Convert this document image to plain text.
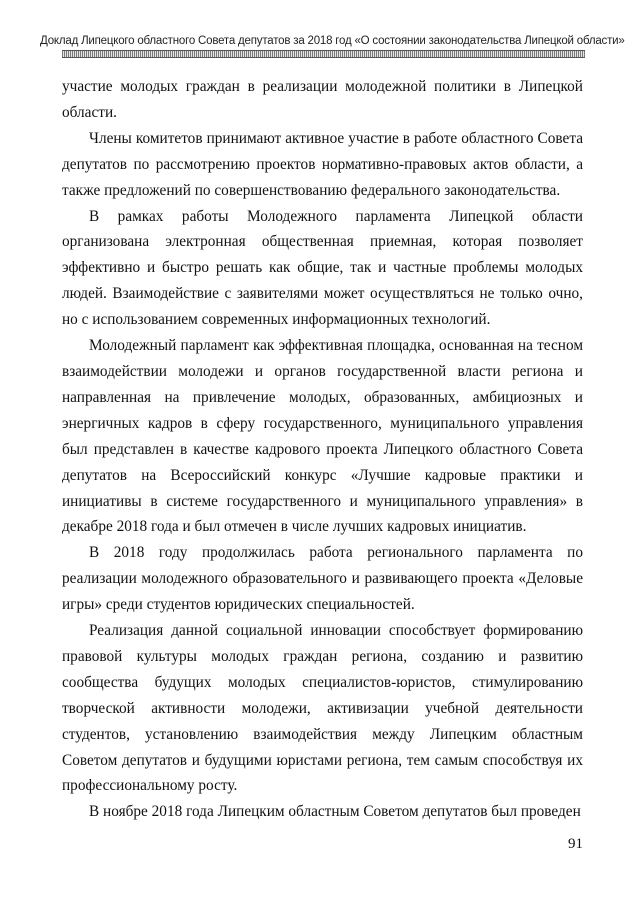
Доклад Липецкого областного Совета депутатов за 2018 год «О состоянии законодательства Липецкой области»

участие молодых граждан в реализации молодежной политики в Липецкой области.

Члены комитетов принимают активное участие в работе областного Совета депутатов по рассмотрению проектов нормативно-правовых актов области, а также предложений по совершенствованию федерального законодательства.

В рамках работы Молодежного парламента Липецкой области организована электронная общественная приемная, которая позволяет эффективно и быстро решать как общие, так и частные проблемы молодых людей. Взаимодействие с заявителями может осуществляться не только очно, но с использованием современных информационных технологий.

Молодежный парламент как эффективная площадка, основанная на тесном взаимодействии молодежи и органов государственной власти региона и направленная на привлечение молодых, образованных, амбициозных и энергичных кадров в сферу государственного, муниципального управления был представлен в качестве кадрового проекта Липецкого областного Совета депутатов на Всероссийский конкурс «Лучшие кадровые практики и инициативы в системе государственного и муниципального управления» в декабре 2018 года и был отмечен в числе лучших кадровых инициатив.

В 2018 году продолжилась работа регионального парламента по реализации молодежного образовательного и развивающего проекта «Деловые игры» среди студентов юридических специальностей.

Реализация данной социальной инновации способствует формированию правовой культуры молодых граждан региона, созданию и развитию сообщества будущих молодых специалистов-юристов, стимулированию творческой активности молодежи, активизации учебной деятельности студентов, установлению взаимодействия между Липецким областным Советом депутатов и будущими юристами региона, тем самым способствуя их профессиональному росту.

В ноябре 2018 года Липецким областным Советом депутатов был проведен

91
